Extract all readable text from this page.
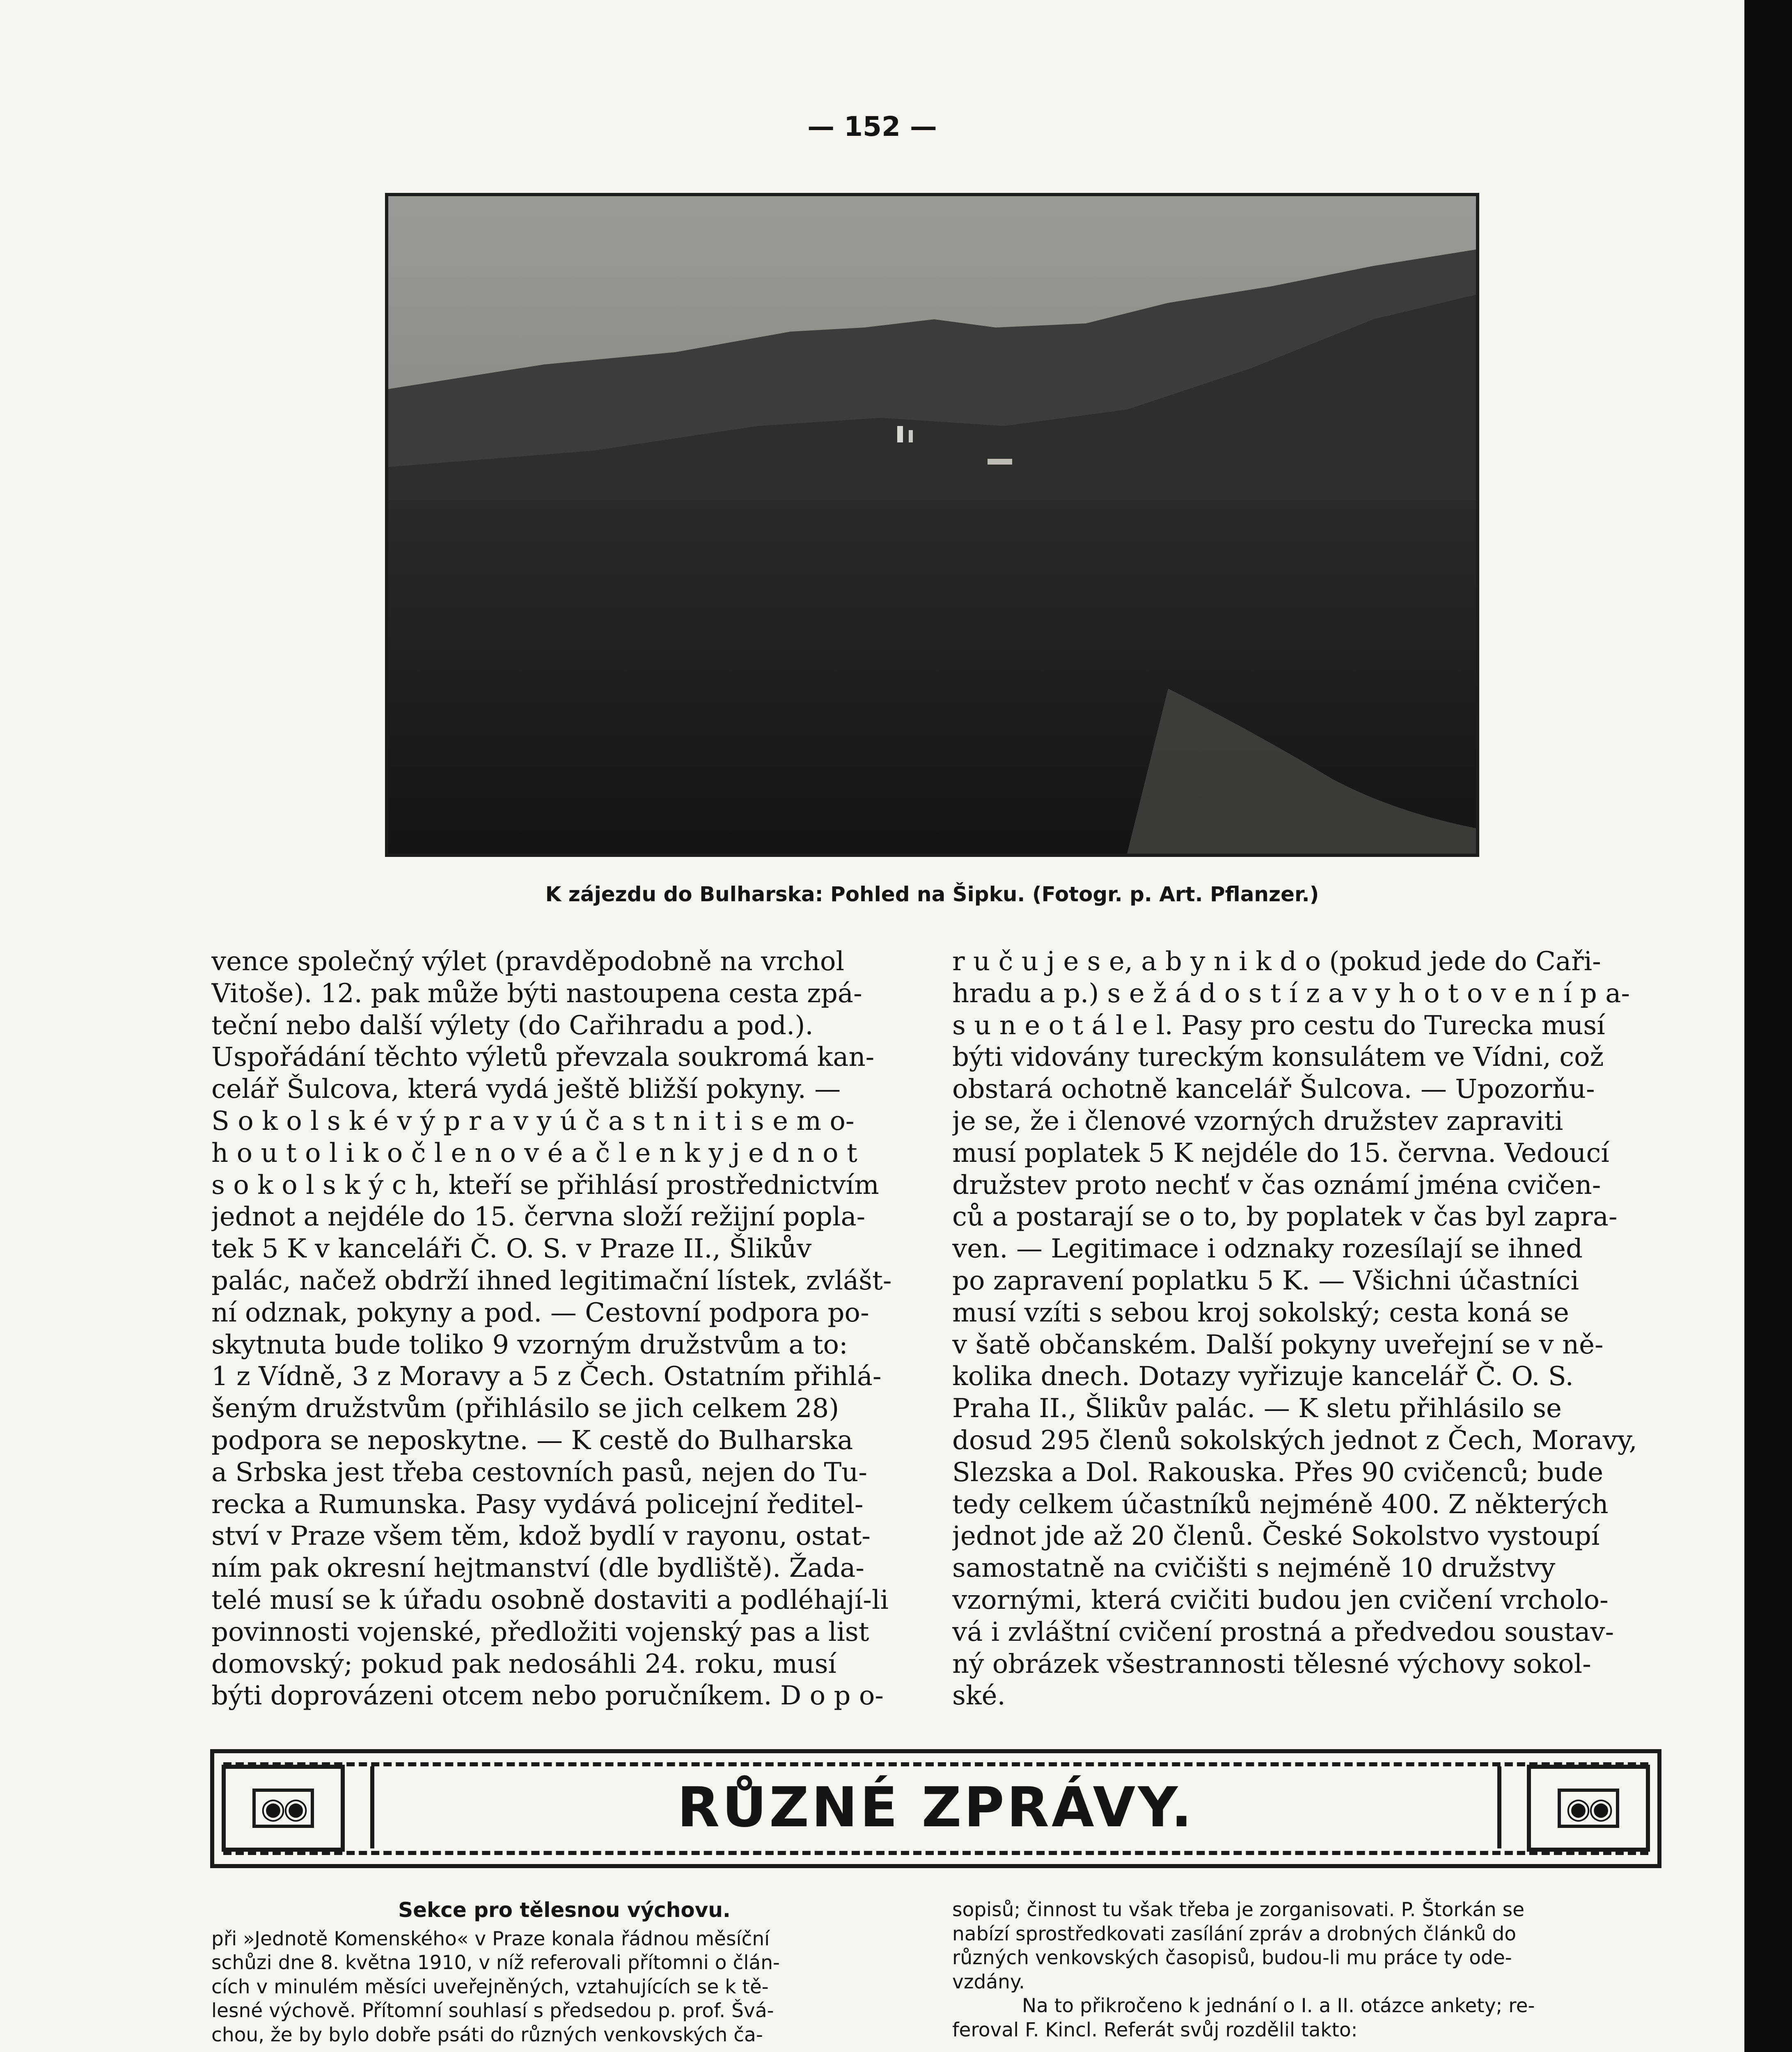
— 152 —
K zájezdu do Bulharska: Pohled na Šipku. (Fotogr. p. Art. Pflanzer.)
vence společný výlet (pravděpodobně na vrchol
Vitoše). 12. pak může býti nastoupena cesta zpá-
teční nebo další výlety (do Cařihradu a pod.).
Uspořádání těchto výletů převzala soukromá kan-
celář Šulcova, která vydá ještě bližší pokyny. —
S o k o l s k é v ý p r a v y ú č a s t n i t i s e m o-
h o u t o l i k o č l e n o v é a č l e n k y j e d n o t
s o k o l s k ý c h, kteří se přihlásí prostřednictvím
jednot a nejdéle do 15. června složí režijní popla-
tek 5 K v kanceláři Č. O. S. v Praze II., Šlikův
palác, načež obdrží ihned legitimační lístek, zvlášt-
ní odznak, pokyny a pod. — Cestovní podpora po-
skytnuta bude toliko 9 vzorným družstvům a to:
1 z Vídně, 3 z Moravy a 5 z Čech. Ostatním přihlá-
šeným družstvům (přihlásilo se jich celkem 28)
podpora se neposkytne. — K cestě do Bulharska
a Srbska jest třeba cestovních pasů, nejen do Tu-
recka a Rumunska. Pasy vydává policejní ředitel-
ství v Praze všem těm, kdož bydlí v rayonu, ostat-
ním pak okresní hejtmanství (dle bydliště). Žada-
telé musí se k úřadu osobně dostaviti a podléhají-li
povinnosti vojenské, předložiti vojenský pas a list
domovský; pokud pak nedosáhli 24. roku, musí
býti doprovázeni otcem nebo poručníkem. D o p o-
r u č u j e s e, a b y n i k d o (pokud jede do Caři-
hradu a p.) s e ž á d o s t í z a v y h o t o v e n í p a-
s u n e o t á l e l. Pasy pro cestu do Turecka musí
býti vidovány tureckým konsulátem ve Vídni, což
obstará ochotně kancelář Šulcova. — Upozorňu-
je se, že i členové vzorných družstev zapraviti
musí poplatek 5 K nejdéle do 15. června. Vedoucí
družstev proto nechť v čas oznámí jména cvičen-
ců a postarají se o to, by poplatek v čas byl zapra-
ven. — Legitimace i odznaky rozesílají se ihned
po zapravení poplatku 5 K. — Všichni účastníci
musí vzíti s sebou kroj sokolský; cesta koná se
v šatě občanském. Další pokyny uveřejní se v ně-
kolika dnech. Dotazy vyřizuje kancelář Č. O. S.
Praha II., Šlikův palác. — K sletu přihlásilo se
dosud 295 členů sokolských jednot z Čech, Moravy,
Slezska a Dol. Rakouska. Přes 90 cvičenců; bude
tedy celkem účastníků nejméně 400. Z některých
jednot jde až 20 členů. České Sokolstvo vystoupí
samostatně na cvičišti s nejméně 10 družstvy
vzornými, která cvičiti budou jen cvičení vrcholo-
vá i zvláštní cvičení prostná a předvedou soustav-
ný obrázek všestrannosti tělesné výchovy sokol-
ské.
◉◉	RŮZNÉ ZPRÁVY.	◉◉
Sekce pro tělesnou výchovu.
při »Jednotě Komenského« v Praze konala řádnou měsíční
schůzi dne 8. května 1910, v níž referovali přítomni o člán-
cích v minulém měsíci uveřejněných, vztahujících se k tě-
lesné výchově. Přítomní souhlasí s předsedou p. prof. Švá-
chou, že by bylo dobře psáti do různých venkovských ča-
sopisů; činnost tu však třeba je zorganisovati. P. Štorkán se
nabízí sprostředkovati zasílání zpráv a drobných článků do
různých venkovských časopisů, budou-li mu práce ty ode-
vzdány.
Na to přikročeno k jednání o I. a II. otázce ankety; re-
feroval F. Kincl. Referát svůj rozdělil takto:
